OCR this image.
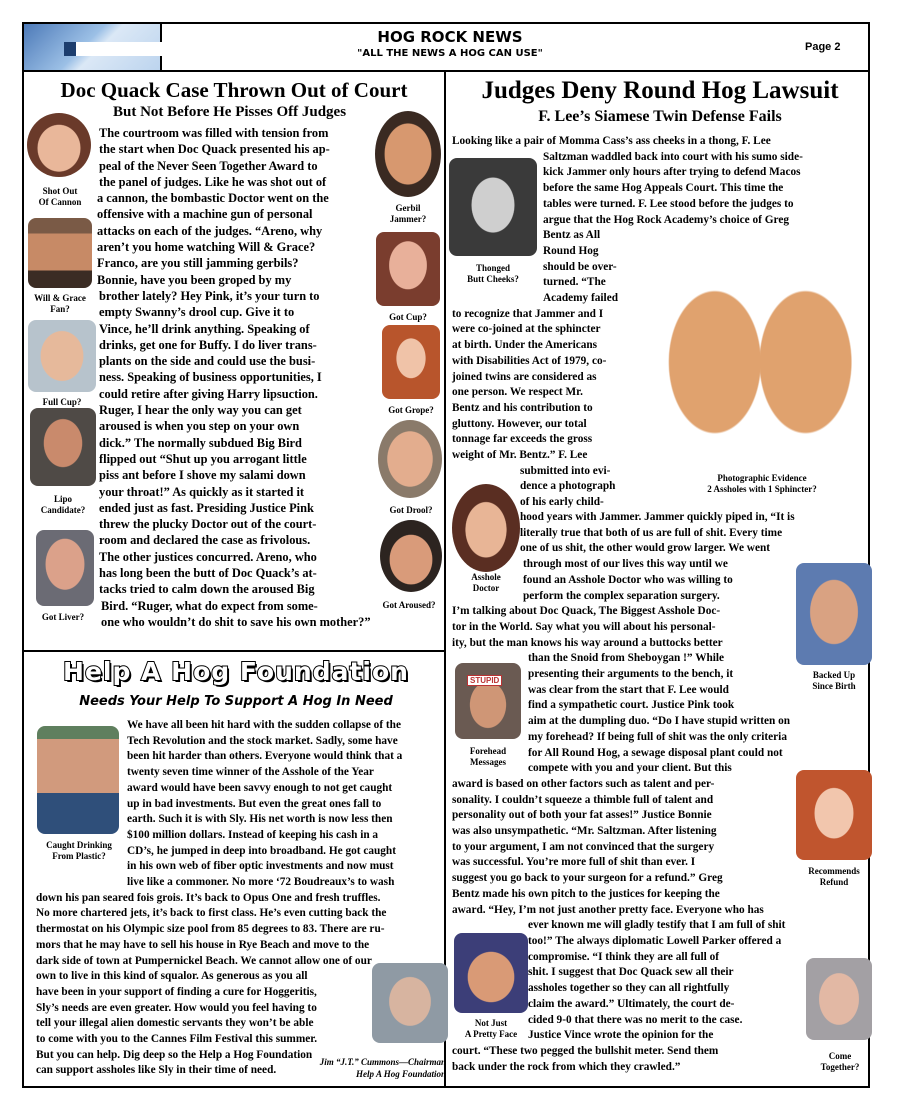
HOG ROCK NEWS
"ALL THE NEWS A HOG CAN USE"
Page 2
Doc Quack Case Thrown Out of Court
But Not Before He Pisses Off Judges
The courtroom was filled with tension from
the start when Doc Quack presented his ap-
peal of the Never Seen Together Award to
the panel of judges. Like he was shot out of
a cannon, the bombastic Doctor went on the
offensive with a machine gun of personal
attacks on each of the judges. “Areno, why
aren’t you home watching Will & Grace?
Franco, are you still jamming gerbils?
Bonnie, have you been groped by my
brother lately? Hey Pink, it’s your turn to
empty Swanny’s drool cup. Give it to
Vince, he’ll drink anything. Speaking of
drinks, get one for Buffy. I do liver trans-
plants on the side and could use the busi-
ness. Speaking of business opportunities, I
could retire after giving Harry lipsuction.
Ruger, I hear the only way you can get
aroused is when you step on your own
dick.” The normally subdued Big Bird
flipped out “Shut up you arrogant little
piss ant before I shove my salami down
your throat!” As quickly as it started it
ended just as fast. Presiding Justice Pink
threw the plucky Doctor out of the court-
room and declared the case as frivolous.
The other justices concurred. Areno, who
has long been the butt of Doc Quack’s at-
tacks tried to calm down the aroused Big
Bird. “Ruger, what do expect from some-
one who wouldn’t do shit to save his own mother?”
Shot Out
Of Cannon
Will & Grace
Fan?
Full Cup?
Lipo
Candidate?
Got Liver?
Gerbil
Jammer?
Got Cup?
Got Grope?
Got Drool?
Got Aroused?
Help A Hog Foundation
Needs Your Help To Support A Hog In Need
We have all been hit hard with the sudden collapse of the
Tech Revolution and the stock market. Sadly, some have
been hit harder than others. Everyone would think that a
twenty seven time winner of the Asshole of the Year
award would have been savvy enough to not get caught
up in bad investments. But even the great ones fall to
earth. Such it is with Sly. His net worth is now less then
$100 million dollars. Instead of keeping his cash in a
CD’s, he jumped in deep into broadband. He got caught
in his own web of fiber optic investments and now must
live like a commoner. No more ‘72 Boudreaux’s to wash
down his pan seared fois grois. It’s back to Opus One and fresh truffles.
No more chartered jets, it’s back to first class. He’s even cutting back the
thermostat on his Olympic size pool from 85 degrees to 83. There are ru-
mors that he may have to sell his house in Rye Beach and move to the
dark side of town at Pumpernickel Beach. We cannot allow one of our
own to live in this kind of squalor. As generous as you all
have been in your support of finding a cure for Hoggeritis,
Sly’s needs are even greater. How would you feel having to
tell your illegal alien domestic servants they won’t be able
to come with you to the Cannes Film Festival this summer.
But you can help. Dig deep so the Help a Hog Foundation
can support assholes like Sly in their time of need.
Caught Drinking
From Plastic?
Jim “J.T.” Cummons—Chairman
Help A Hog Foundation
Judges Deny Round Hog Lawsuit
F. Lee’s Siamese Twin Defense Fails
Looking like a pair of Momma Cass’s ass cheeks in a thong, F. Lee
Saltzman waddled back into court with his sumo side-
kick Jammer only hours after trying to defend Macos
before the same Hog Appeals Court. This time the
tables were turned. F. Lee stood before the judges to
argue that the Hog Rock Academy’s choice of Greg
Bentz as All
Round Hog
should be over-
turned. “The
Academy failed
to recognize that Jammer and I
were co-joined at the sphincter
at birth. Under the Americans
with Disabilities Act of 1979, co-
joined twins are considered as
one person. We respect Mr.
Bentz and his contribution to
gluttony. However, our total
tonnage far exceeds the gross
weight of Mr. Bentz.” F. Lee
submitted into evi-
dence a photograph
of his early child-
hood years with Jammer. Jammer quickly piped in, “It is
literally true that both of us are full of shit. Every time
one of us shit, the other would grow larger. We went
through most of our lives this way until we
found an Asshole Doctor who was willing to
perform the complex separation surgery.
I’m talking about Doc Quack, The Biggest Asshole Doc-
tor in the World. Say what you will about his personal-
ity, but the man knows his way around a buttocks better
than the Snoid from Sheboygan !” While
presenting their arguments to the bench, it
was clear from the start that F. Lee would
find a sympathetic court. Justice Pink took
aim at the dumpling duo. “Do I have stupid written on
my forehead? If being full of shit was the only criteria
for All Round Hog, a sewage disposal plant could not
compete with you and your client. But this
award is based on other factors such as talent and per-
sonality. I couldn’t squeeze a thimble full of talent and
personality out of both your fat asses!” Justice Bonnie
was also unsympathetic. “Mr. Saltzman. After listening
to your argument, I am not convinced that the surgery
was successful. You’re more full of shit than ever. I
suggest you go back to your surgeon for a refund.” Greg
Bentz made his own pitch to the justices for keeping the
award. “Hey, I’m not just another pretty face. Everyone who has
ever known me will gladly testify that I am full of shit
too!” The always diplomatic Lowell Parker offered a
compromise. “I think they are all full of
shit. I suggest that Doc Quack sew all their
assholes together so they can all rightfully
claim the award.” Ultimately, the court de-
cided 9-0 that there was no merit to the case.
Justice Vince wrote the opinion for the
court. “These two pegged the bullshit meter. Send them
back under the rock from which they crawled.”
Thonged
Butt Cheeks?
Photographic Evidence
2 Assholes with 1 Sphincter?
Asshole
Doctor
Backed Up
Since Birth
STUPID
Forehead
Messages
Recommends
Refund
Not Just
A Pretty Face
Come
Together?
